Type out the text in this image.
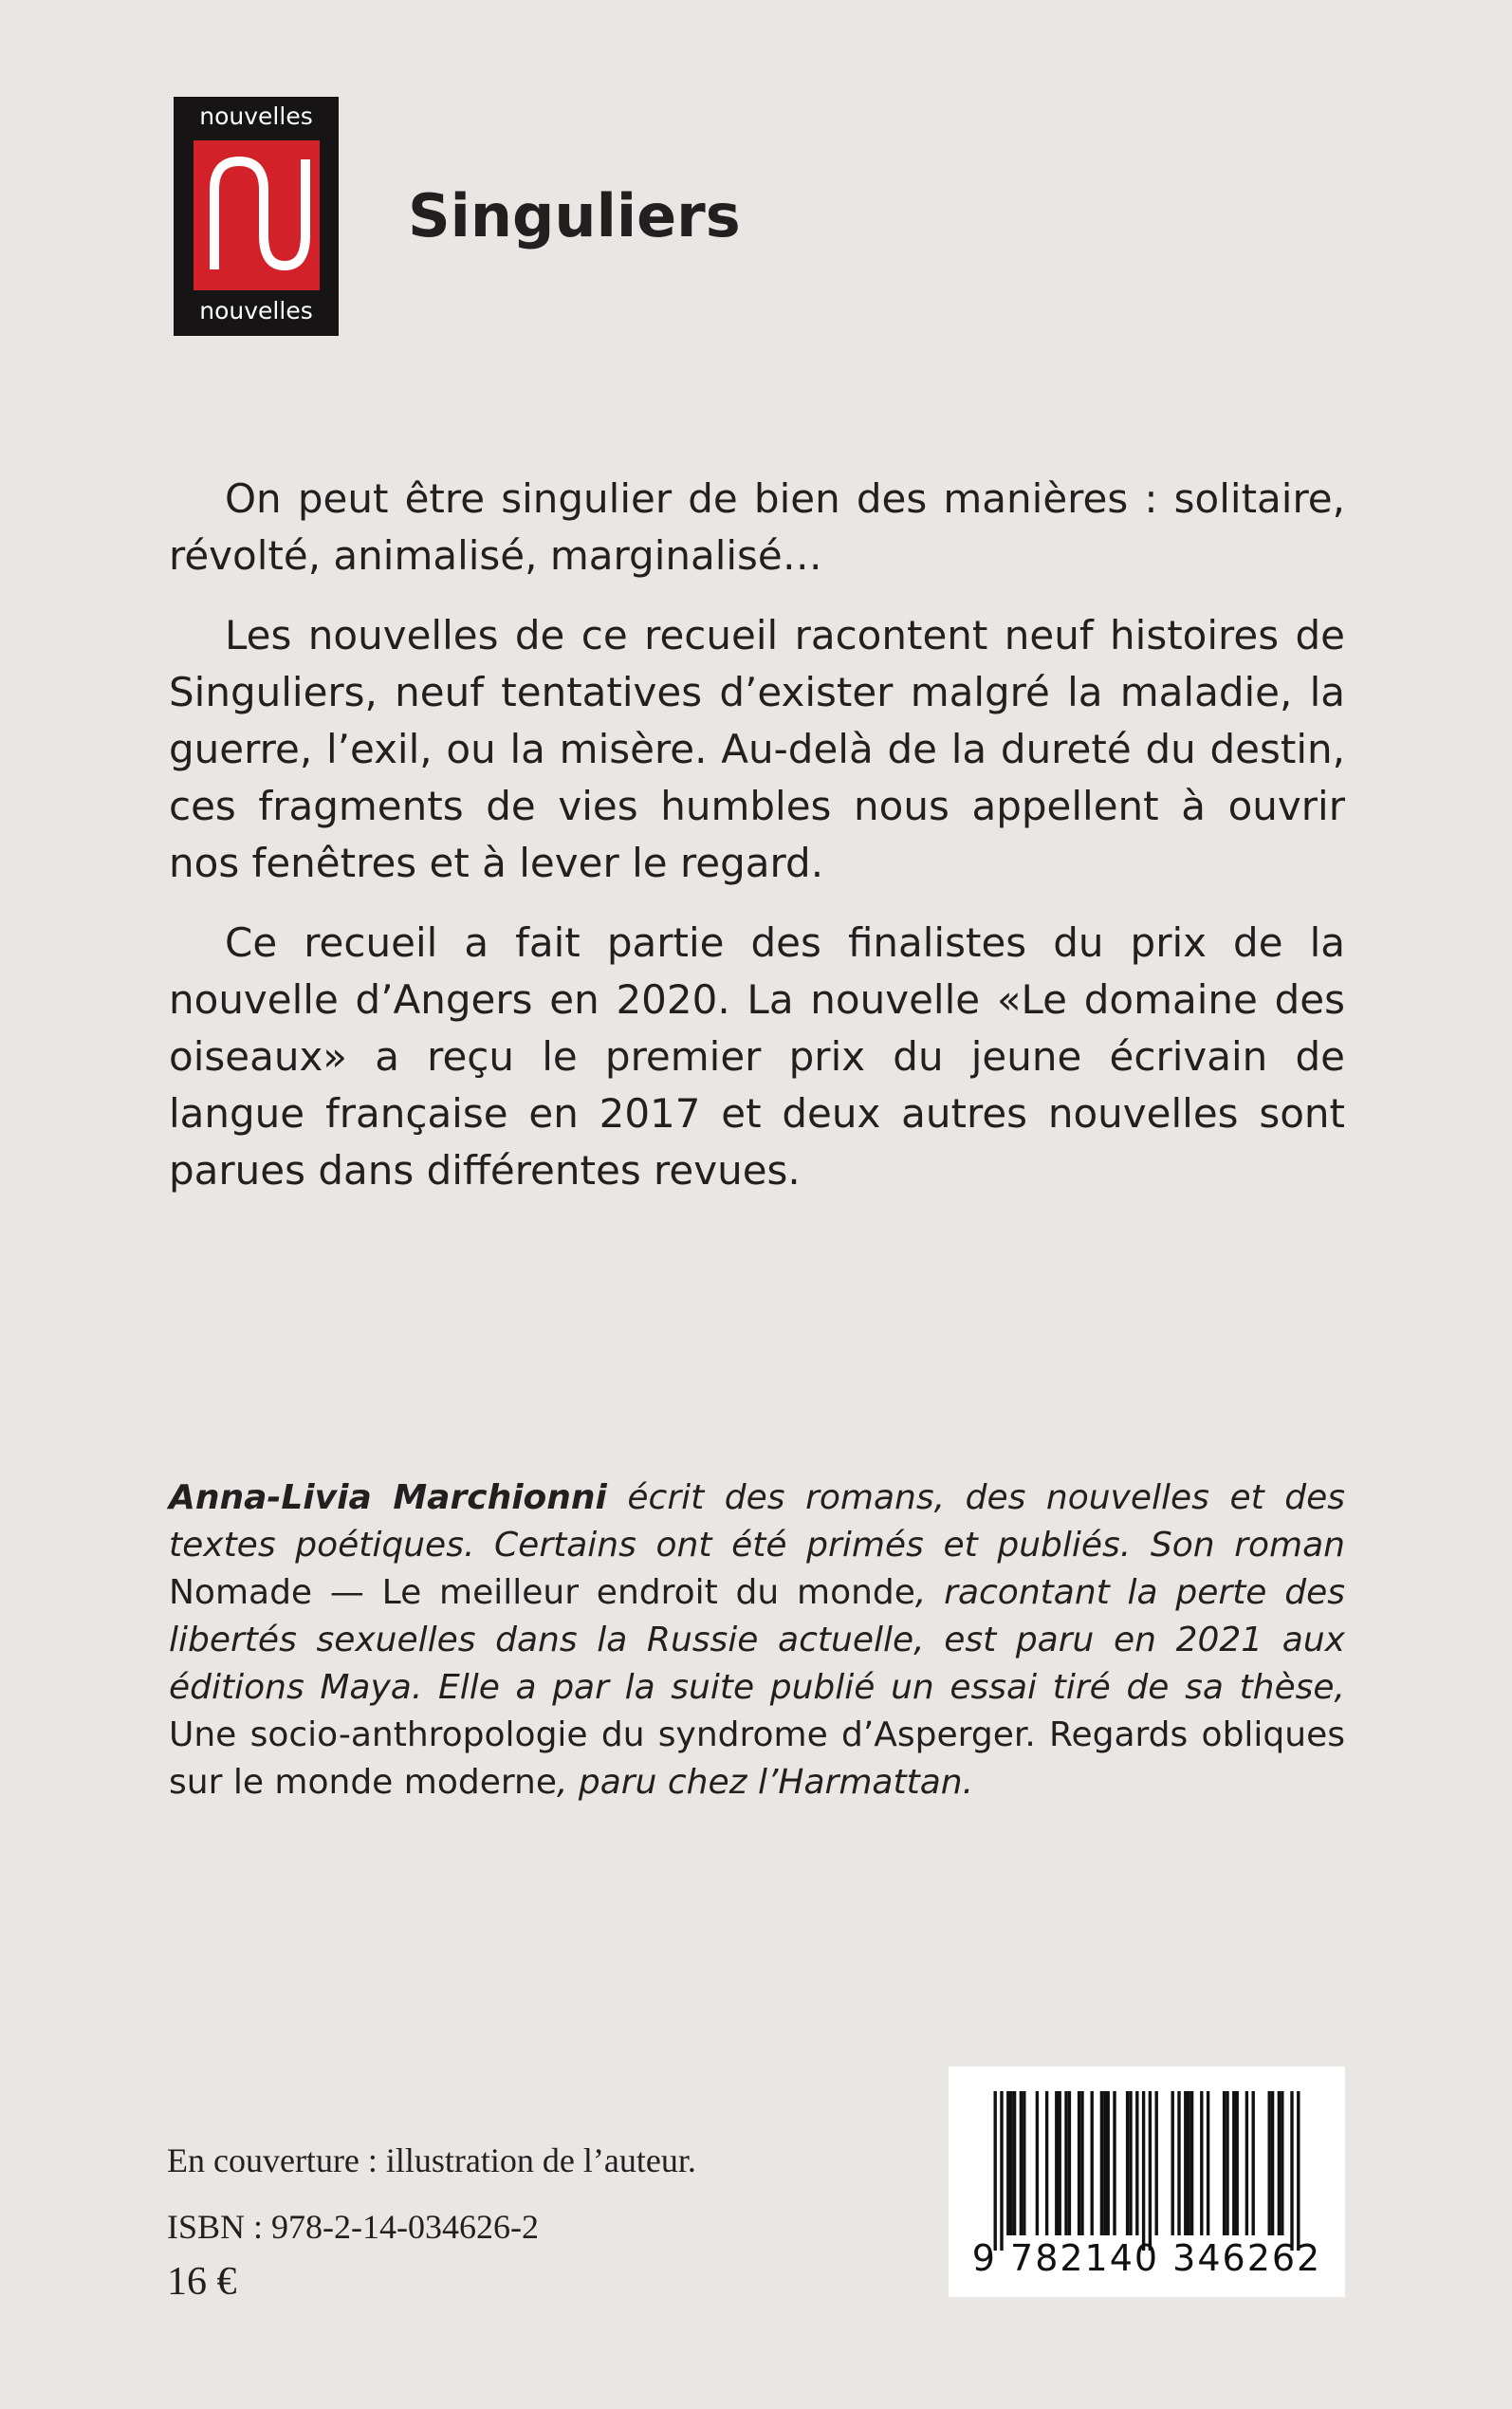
nouvelles
nouvelles
Singuliers

On peut être singulier de bien des manières : solitaire, révolté, animalisé, marginalisé…

Les nouvelles de ce recueil racontent neuf histoires de Singuliers, neuf tentatives d’exister malgré la maladie, la guerre, l’exil, ou la misère. Au-delà de la dureté du destin, ces fragments de vies humbles nous appellent à ouvrir nos fenêtres et à lever le regard.

Ce recueil a fait partie des finalistes du prix de la nouvelle d’Angers en 2020. La nouvelle «Le domaine des oiseaux» a reçu le premier prix du jeune écrivain de langue française en 2017 et deux autres nouvelles sont parues dans différentes revues.

Anna-Livia Marchionni écrit des romans, des nouvelles et des textes poétiques. Certains ont été primés et publiés. Son roman Nomade — Le meilleur endroit du monde, racontant la perte des libertés sexuelles dans la Russie actuelle, est paru en 2021 aux éditions Maya. Elle a par la suite publié un essai tiré de sa thèse, Une socio-anthropologie du syndrome d’Asperger. Regards obliques sur le monde moderne, paru chez l’Harmattan.

En couverture : illustration de l’auteur.

ISBN : 978-2-14-034626-2

16 €

9 782140 346262
